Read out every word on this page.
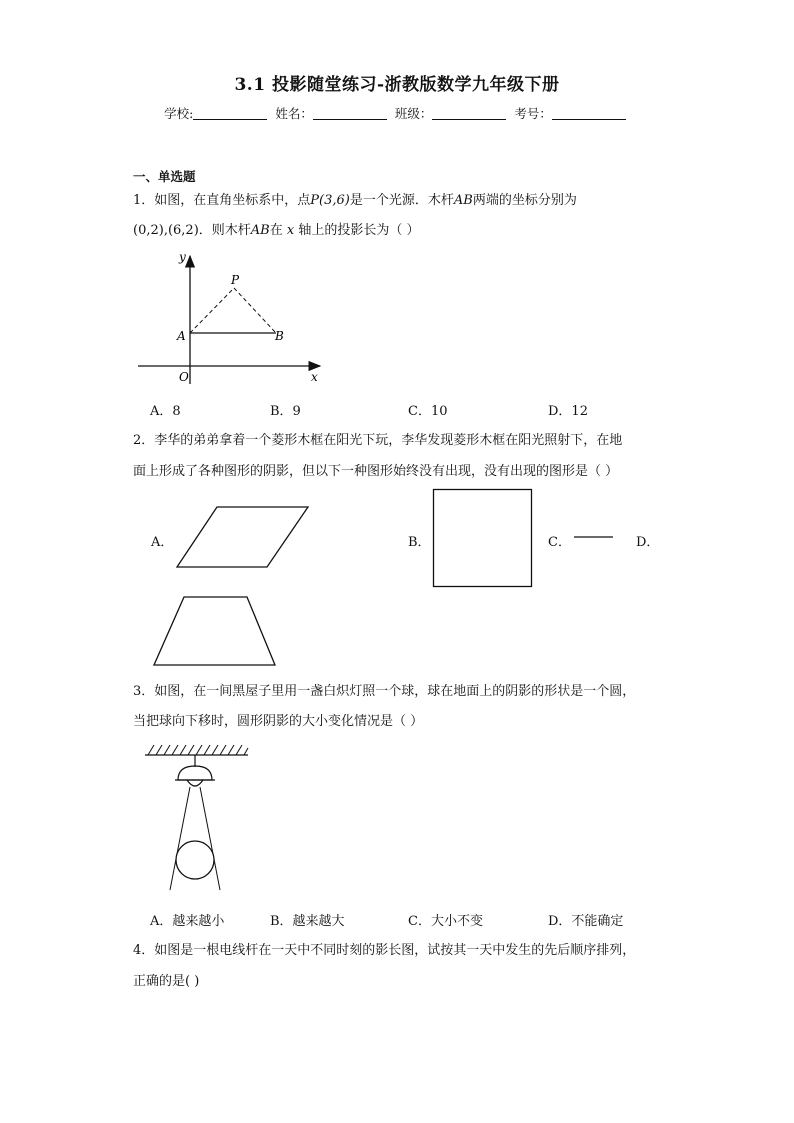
3.1 投影随堂练习-浙教版数学九年级下册
学校:	姓名：	班级：	考号：
一、单选题
1．如图，在直角坐标系中，点P(3,6)是一个光源．木杆AB两端的坐标分别为
(0,2),(6,2)．则木杆AB在 x 轴上的投影长为（ ）
y
x
P
A	B
O
A．8	B．9	C．10	D．12
2．李华的弟弟拿着一个菱形木框在阳光下玩，李华发现菱形木框在阳光照射下，在地
面上形成了各种图形的阴影，但以下一种图形始终没有出现，没有出现的图形是（ ）
A．	B．	C．	D．
3．如图，在一间黑屋子里用一盏白炽灯照一个球，球在地面上的阴影的形状是一个圆，
当把球向下移时，圆形阴影的大小变化情况是（ ）
A．越来越小	B．越来越大	C．大小不变	D．不能确定
4．如图是一根电线杆在一天中不同时刻的影长图，试按其一天中发生的先后顺序排列，
正确的是( )
